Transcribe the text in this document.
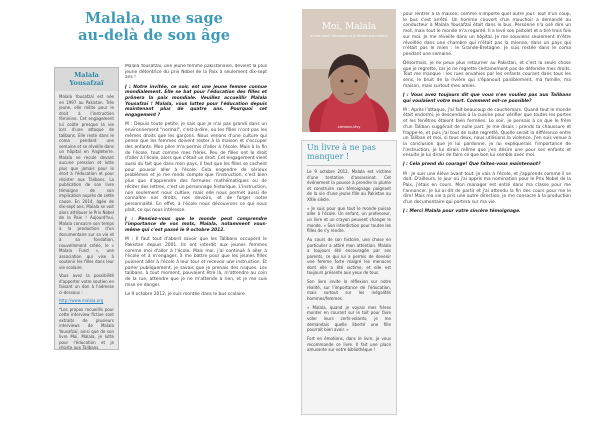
Malala, une sage
au-delà de son âge
Malala Yousafzaï

Malala Yousafzaï est née en 1997 au Pakistan. Très jeune, elle milite pour le droit à l'instruction féminine. Cet engagement lui coûte presque la vie lors d'une attaque de talibans. Elle reste dans le coma pendant une semaine et se réveille dans un hôpital en Angleterre. Malala ne recule devant aucune pression et lutte plus que jamais pour le droit à l'éducation et pour résister aux Talibans. La publication de son livre témoigne de son implication auprès de cette cause. En 2014, âgée de dix-sept ans, Malala se voit alors attribuer le Prix Nobel de la Paix ! Aujourd'hui, Malala consacre son temps à la production d'un documentaire sur sa vie et à sa fondation, nouvellement créée, le « Malala Fund », une association qui vise à soutenir les filles dans leur vie scolaire.

Vous avez la possibilité d'apporter votre soutien en faisant un don à l'adresse ci-dessous :

http://www.malala.org

*Les propos recueillis pour cette interview fictive sont extraits de plusieurs interviews de Malala Yousafzaï, ainsi que de son livre Moi, Malala, je lutte pour l'éducation et je résiste aux Talibans.

Malala Yousafzaï, une jeune femme pakistanaise, devient la plus jeune détentrice du prix Nobel de la Paix à seulement dix-sept ans !

J : Notre invitée, ce soir, est une jeune femme connue mondialement. Elle se bat pour l'éducation des filles et prônera la paix mondiale. Veuillez accueillir Malala Yousafzaï ! Malala, vous luttez pour l'éducation depuis maintenant plus de quatre ans. Pourquoi cet engagement ?

M : Depuis toute petite, je sais que je n'ai pas grandi dans un environnement "normal", c'est-à-dire, où les filles n'ont pas les mêmes droits que les garçons. Nous venons d'une culture qui pense que les femmes doivent rester à la maison et s'occuper des enfants. Mon père m'a permis d'aller à l'école. Mais à la fin de l'école, tout comme mes frères. Peu de filles ont le droit d'aller à l'école, alors que c'était un droit. Cet engagement vient aussi du fait que dans mon pays, il faut que les filles se cachent pour pouvoir aller à l'école. Cela engendre de sérieux problèmes et je me rends compte que l'instruction, c'est bien plus que d'apprendre des formules mathématiques ou de réciter des lettres, c'est un personnage historique. L'instruction, non seulement nous cultive, mais elle nous permet aussi de connaître nos droits, nos devoirs, et de forger notre personnalité. En effet, à l'école nous découvrons ce qui nous plaît, ce qui nous intéresse.

J : Pensiez-vous que le monde peut comprendre l'importance de vos mots, Malala, notamment vous-même qui c'est passé le 9 octobre 2012.

M : Il faut tout d'abord savoir que les Talibans occupent le Pakistan depuis 2001. Ils ont interdit aux jeunes femmes comme moi d'aller à l'école. Mais moi, j'ai continué à aller à l'école et à m'engager, à me battre pour que les jeunes filles puissent aller à l'école à leur tour et recevoir une instruction. Et parler publiquement, je savais que je prenais des risques. Les talibans, à tout moment, pouvaient être là, m'attendre au coin de la rue, attendre que je ne m'attende à rien, et je me suis mise en danger.

Le 9 octobre 2012, je suis montée dans le bus scolaire

Moi, Malala
je lutte pour l'éducation et je résiste aux talibans
calmann-lévy
Un livre à ne pas manquer !

Le 9 octobre 2012, Malala est victime d'une tentative d'assassinat. Cet événement la pousse à prendre la plume et construire son témoignage poignant de la vie d'une jeune fille au Pakistan au XXIe siècle.

« Je suis pour que tout le monde puisse aller à l'école. Un enfant, un professeur, un livre et un crayon peuvent changer le monde. » Son interdiction pour toutes les filles de s'y rendre.

Au cours de son histoire, une chose en particulier a attiré mon attention. Malala a toujours été encouragée par ses parents, ce qui lui a permis de devenir une femme forte malgré les menaces dont elle a été victime, et elle est toujours présente aux yeux de tous.

Son livre invite la réflexion sur notre réalité, sur l'importance de l'éducation, mais surtout sur les inégalités hommes/femmes.

« Malala, quand je voyais mes frères monter en courant sur le toit pour faire voler leurs cerfs-volants, je me demandais quelle liberté une fille pourrait bien avoir. »

Fort en émotions, dans le livre, je vous recommande ce livre. Il fait une place amusante sur votre bibliothèque !

pour rentrer à la maison, comme n'importe quel autre jour. Tout d'un coup, le bus s'est arrêté. Un homme couvert d'un mouchoir a demandé au conducteur à Malala Yousafzaï était dans le bus. Personne n'a osé dire un mot, mais tout le monde m'a regardé. Il a levé son pistolet et a tiré trois fois sur moi. Je me réveille dans un hôpital. Je me souviens seulement m'être réveillée dans une chambre qui n'était pas la mienne, dans un pays qui n'était pas le mien : le Grande-Bretagne. Je suis restée dans le coma pendant une semaine.

Désormais, je ne peux plus retourner au Pakistan, et c'est la seule chose que je regrette, car je ne regrette certainement pas de défendre mes droits. Tout me manque : les rues envahies par les enfants courant dans tous les sens, le bruit de la rivière qui s'épanouit paisiblement, ma famille, ma maison, mais surtout mes amies.

J : Vous avez toujours dit que vous n'en vouliez pas aux Talibans qui voulaient votre mort. Comment est-ce possible?

M : Après l'attaque, j'ai fait beaucoup de cauchemars. Quand tout le monde était endormi, je descendais à la cuisine pour vérifier que toutes les portes et les fenêtres étaient bien fermées. Le soir, je pensais à ce que le frère d'un Taliban suggérait de nulle part. Je me disais : prends ta chaussure et frappe-le, et puis j'ai tout de suite regretté. Quelle serait la différence entre un Taliban et moi, si tous deux, nous utilisions la violence. J'en suis venue à la conclusion que je lui pardonne, je lui expliquerais l'importance de l'instruction, je lui dirais même que j'en désire une pour ses enfants et ensuite je lui dirais de faire ce que bon lui semble avec moi.

J : Cela prend du courage! Que faites-vous maintenant?

M : Je suis une élève avant tout. Je vais à l'école, et j'apprends comme il se doit. D'ailleurs, le jour où j'ai appris ma nomination pour le Prix Nobel de la Paix, j'étais en cours. Mon manager est entré dans ma classe pour me l'annoncer. Je lui ai dit de partir et j'ai attendu la fin des cours pour me le dire! Mais ma vie a pris une autre direction, je me consacre à la production d'un documentaire qui portera sur ma vie.

J : Merci Malala pour votre sincère témoignage.
